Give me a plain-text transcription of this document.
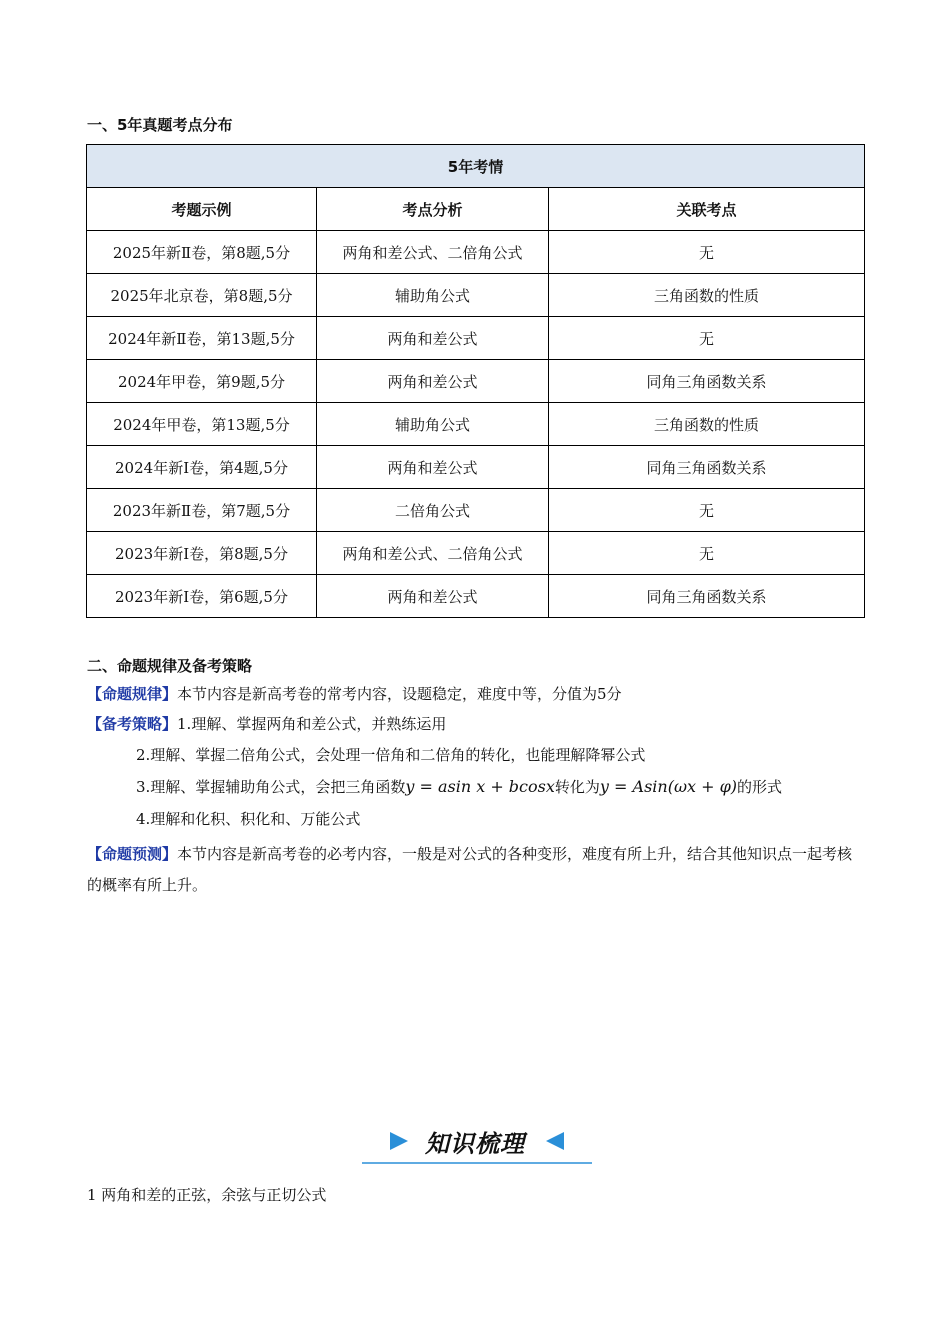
一、5年真题考点分布
5年考情		
考题示例	考点分析	关联考点
2025年新Ⅱ卷，第8题,5分	两角和差公式、二倍角公式	无
2025年北京卷，第8题,5分	辅助角公式	三角函数的性质
2024年新Ⅱ卷，第13题,5分	两角和差公式	无
2024年甲卷，第9题,5分	两角和差公式	同角三角函数关系
2024年甲卷，第13题,5分	辅助角公式	三角函数的性质
2024年新Ⅰ卷，第4题,5分	两角和差公式	同角三角函数关系
2023年新Ⅱ卷，第7题,5分	二倍角公式	无
2023年新Ⅰ卷，第8题,5分	两角和差公式、二倍角公式	无
2023年新Ⅰ卷，第6题,5分	两角和差公式	同角三角函数关系
二、命题规律及备考策略
【命题规律】本节内容是新高考卷的常考内容，设题稳定，难度中等，分值为5分
【备考策略】1.理解、掌握两角和差公式，并熟练运用
2.理解、掌握二倍角公式，会处理一倍角和二倍角的转化，也能理解降幂公式
3.理解、掌握辅助角公式，会把三角函数y = asin x + bcosx转化为y = Asin(ωx + φ)的形式
4.理解和化积、积化和、万能公式
【命题预测】本节内容是新高考卷的必考内容，一般是对公式的各种变形，难度有所上升，结合其他知识点一起考核的概率有所上升。
知识梳理
1 两角和差的正弦，余弦与正切公式
